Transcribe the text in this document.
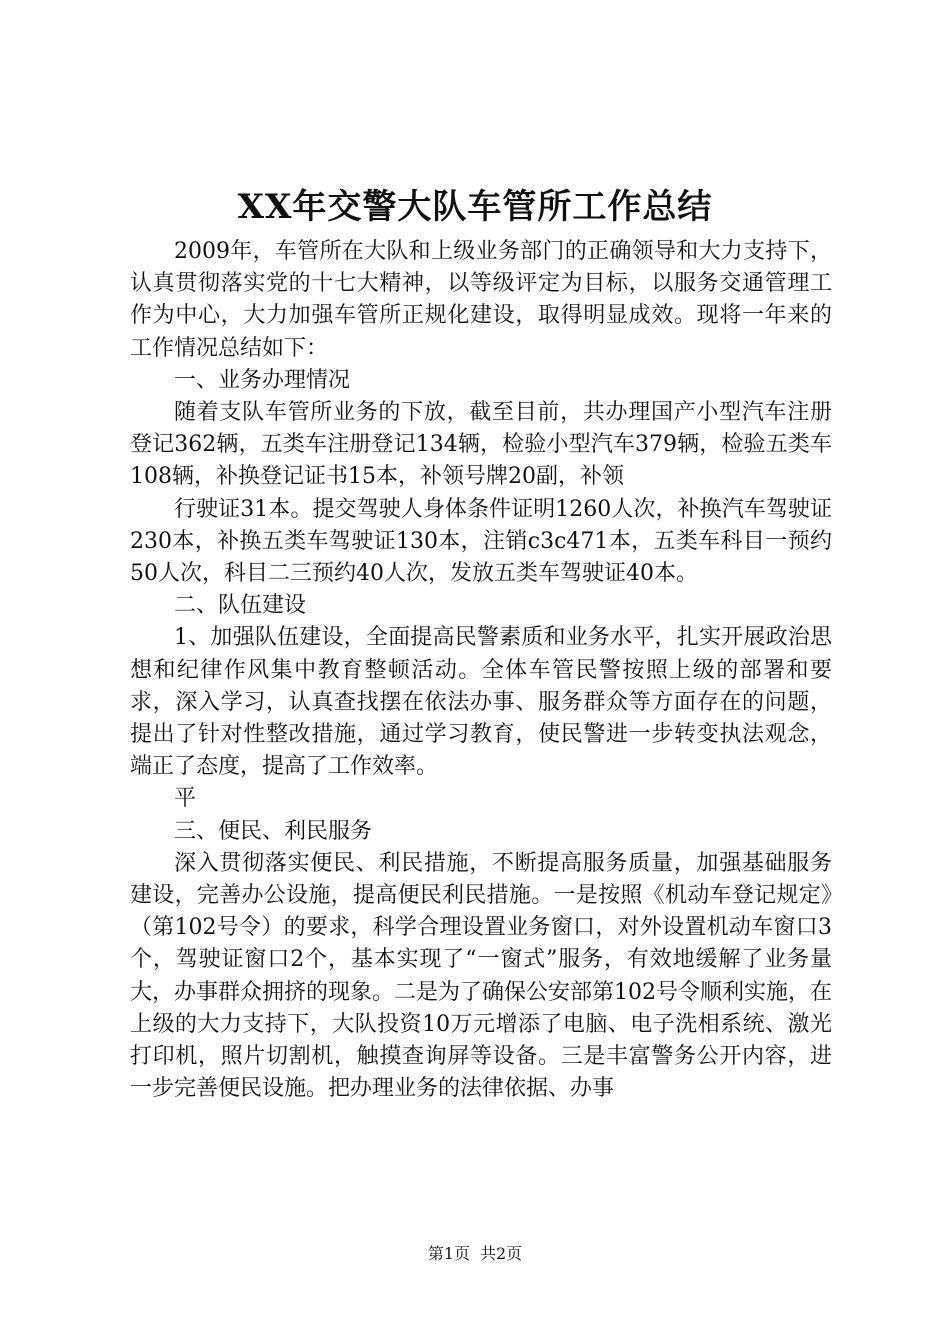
XX年交警大队车管所工作总结

2009年，车管所在大队和上级业务部门的正确领导和大力支持下，认真贯彻落实党的十七大精神，以等级评定为目标，以服务交通管理工作为中心，大力加强车管所正规化建设，取得明显成效。现将一年来的工作情况总结如下：

一、业务办理情况

随着支队车管所业务的下放，截至目前，共办理国产小型汽车注册登记362辆，五类车注册登记134辆，检验小型汽车379辆，检验五类车108辆，补换登记证书15本，补领号牌20副，补领

行驶证31本。提交驾驶人身体条件证明1260人次，补换汽车驾驶证230本，补换五类车驾驶证130本，注销c3c471本，五类车科目一预约50人次，科目二三预约40人次，发放五类车驾驶证40本。

二、队伍建设

1、加强队伍建设，全面提高民警素质和业务水平，扎实开展政治思想和纪律作风集中教育整顿活动。全体车管民警按照上级的部署和要求，深入学习，认真查找摆在依法办事、服务群众等方面存在的问题，提出了针对性整改措施，通过学习教育，使民警进一步转变执法观念，端正了态度，提高了工作效率。

平

三、便民、利民服务

深入贯彻落实便民、利民措施，不断提高服务质量，加强基础服务建设，完善办公设施，提高便民利民措施。一是按照《机动车登记规定》（第102号令）的要求，科学合理设置业务窗口，对外设置机动车窗口3个，驾驶证窗口2个，基本实现了“一窗式”服务，有效地缓解了业务量大，办事群众拥挤的现象。二是为了确保公安部第102号令顺利实施，在上级的大力支持下，大队投资10万元增添了电脑、电子洗相系统、激光打印机，照片切割机，触摸查询屏等设备。三是丰富警务公开内容，进一步完善便民设施。把办理业务的法律依据、办事

第1页 共2页
